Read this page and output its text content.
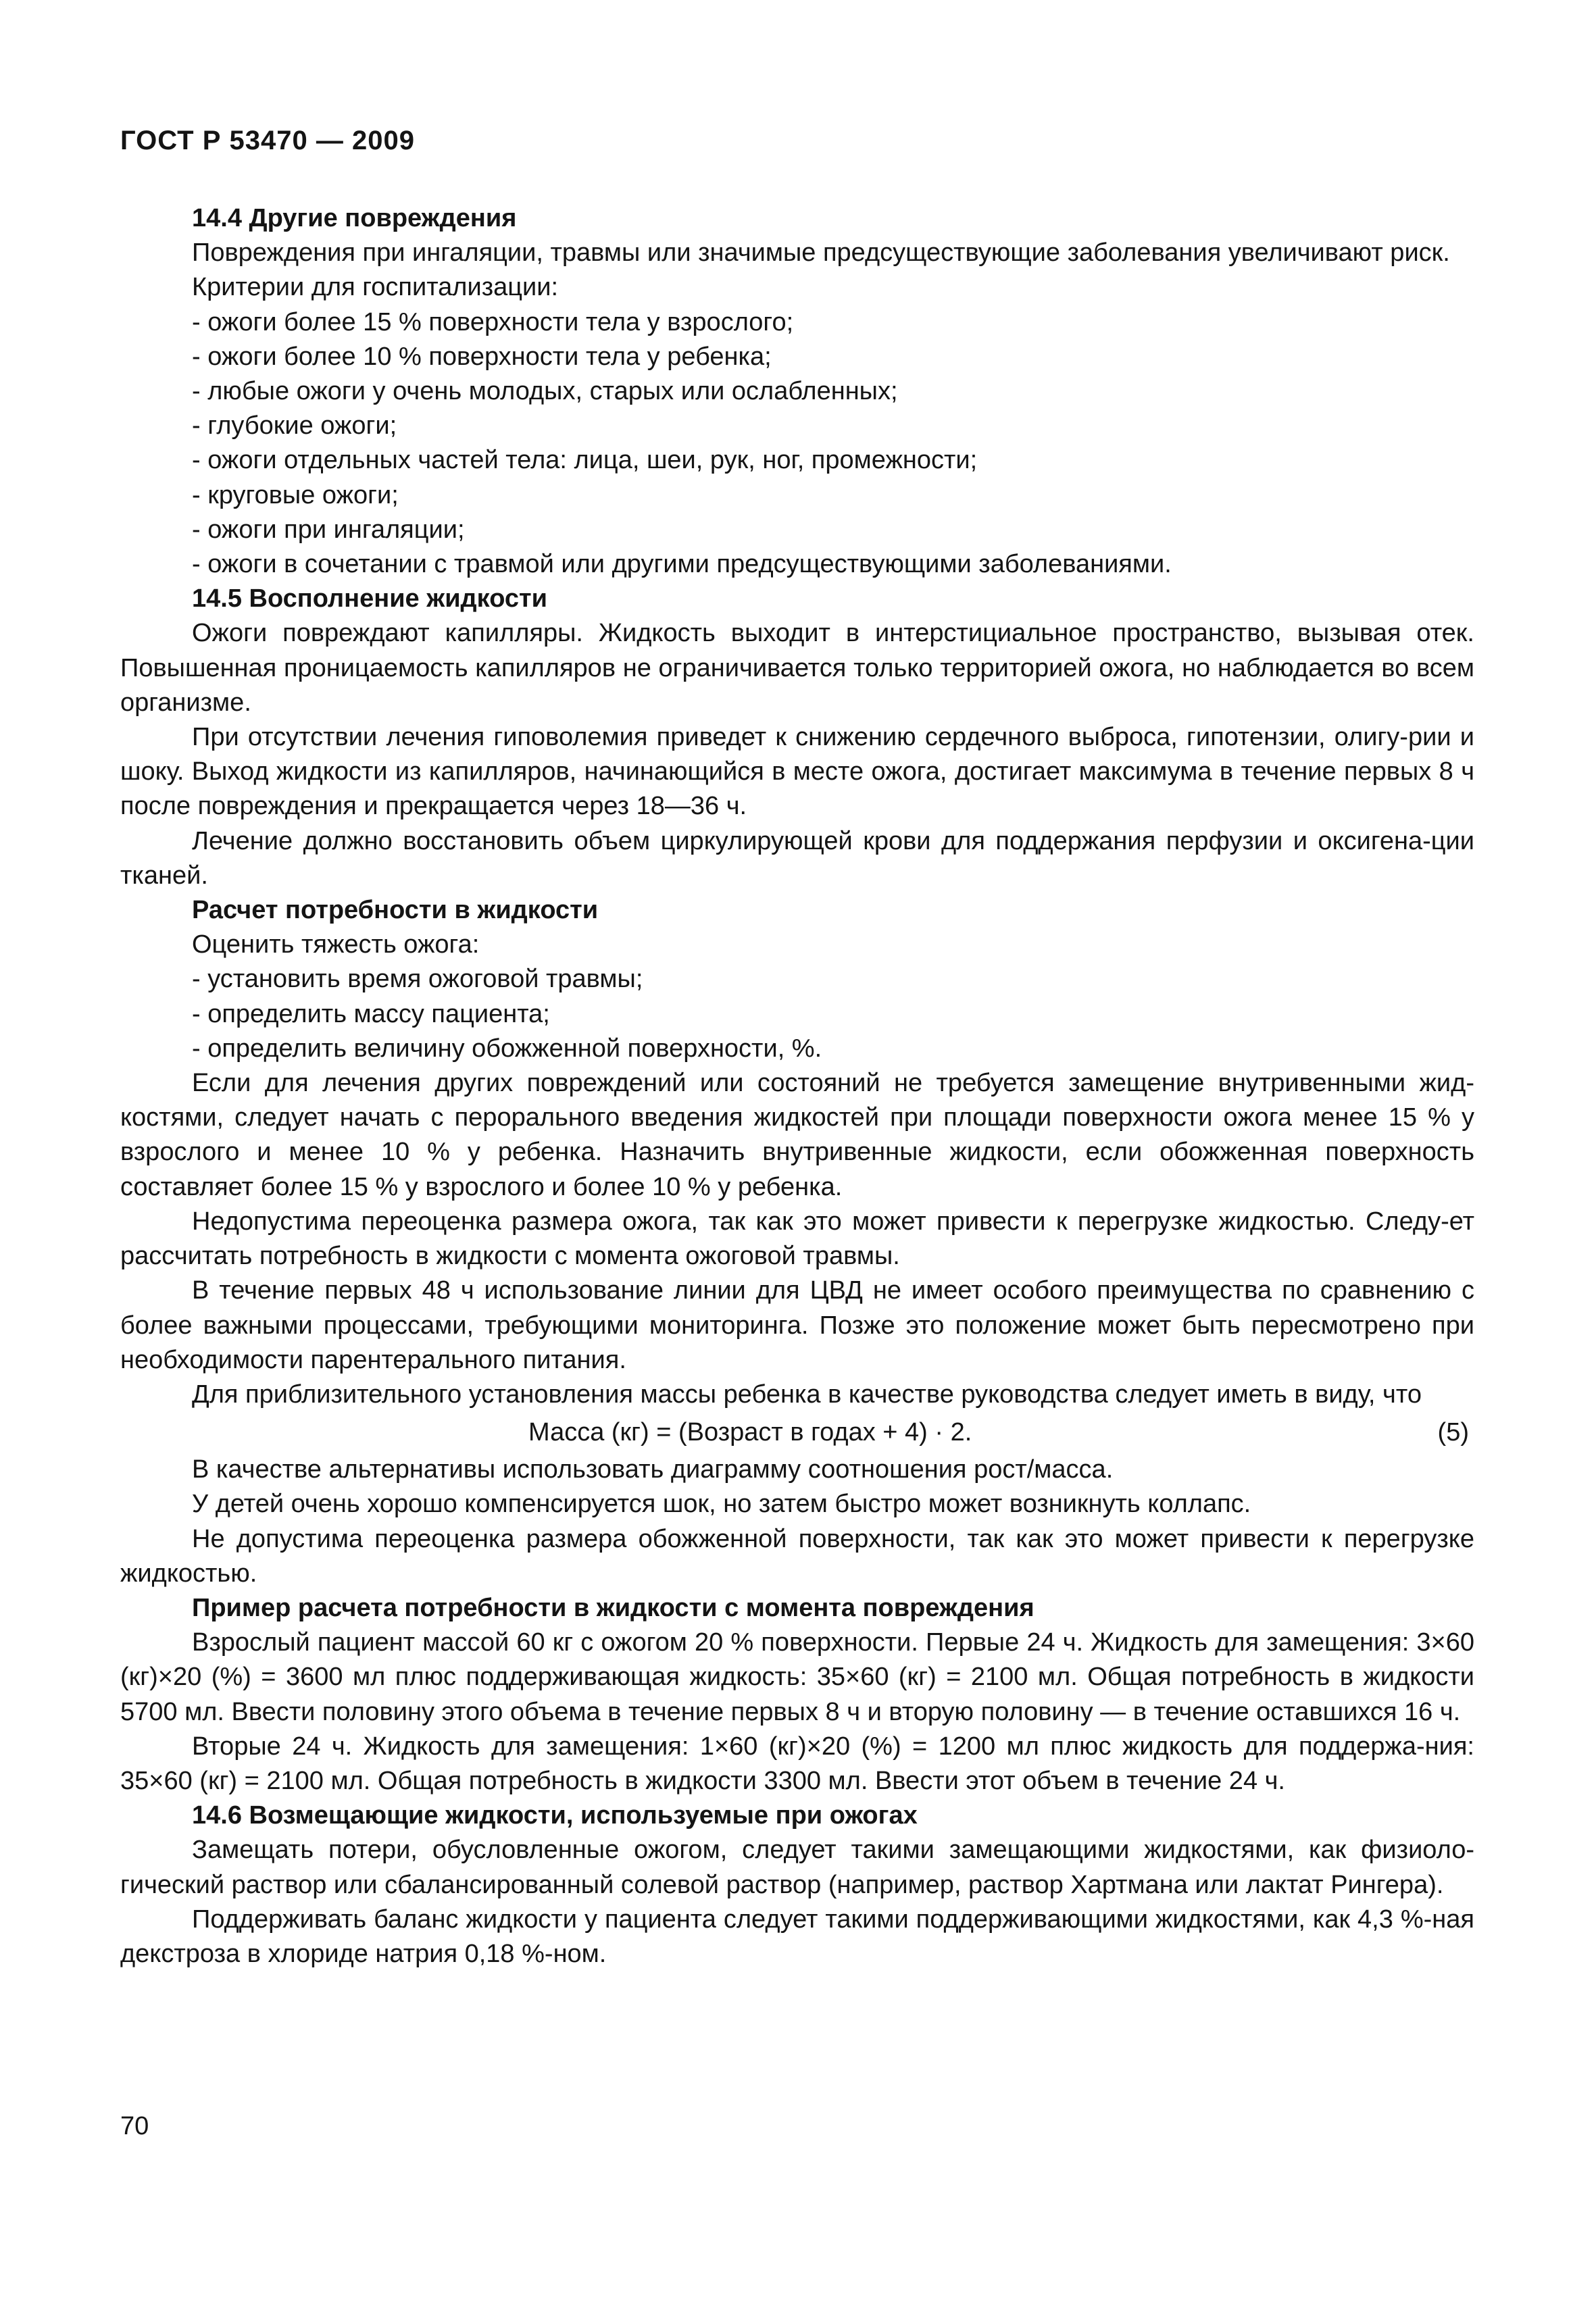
ГОСТ Р 53470 — 2009
14.4 Другие повреждения
Повреждения при ингаляции, травмы или значимые предсуществующие заболевания увеличивают риск.
Критерии для госпитализации:
- ожоги более 15 % поверхности тела у взрослого;
- ожоги более 10 % поверхности тела у ребенка;
- любые ожоги у очень молодых, старых или ослабленных;
- глубокие ожоги;
- ожоги отдельных частей тела: лица, шеи, рук, ног, промежности;
- круговые ожоги;
- ожоги при ингаляции;
- ожоги в сочетании с травмой или другими предсуществующими заболеваниями.
14.5 Восполнение жидкости
Ожоги повреждают капилляры. Жидкость выходит в интерстициальное пространство, вызывая отек. Повышенная проницаемость капилляров не ограничивается только территорией ожога, но наблюдается во всем организме.
При отсутствии лечения гиповолемия приведет к снижению сердечного выброса, гипотензии, олигу-рии и шоку. Выход жидкости из капилляров, начинающийся в месте ожога, достигает максимума в течение первых 8 ч после повреждения и прекращается через 18—36 ч.
Лечение должно восстановить объем циркулирующей крови для поддержания перфузии и оксигена-ции тканей.
Расчет потребности в жидкости
Оценить тяжесть ожога:
- установить время ожоговой травмы;
- определить массу пациента;
- определить величину обожженной поверхности, %.
Если для лечения других повреждений или состояний не требуется замещение внутривенными жид-костями, следует начать с перорального введения жидкостей при площади поверхности ожога менее 15 % у взрослого и менее 10 % у ребенка. Назначить внутривенные жидкости, если обожженная поверхность составляет более 15 % у взрослого и более 10 % у ребенка.
Недопустима переоценка размера ожога, так как это может привести к перегрузке жидкостью. Следу-ет рассчитать потребность в жидкости с момента ожоговой травмы.
В течение первых 48 ч использование линии для ЦВД не имеет особого преимущества по сравнению с более важными процессами, требующими мониторинга. Позже это положение может быть пересмотрено при необходимости парентерального питания.
Для приблизительного установления массы ребенка в качестве руководства следует иметь в виду, что
Масса (кг) = (Возраст в годах + 4) · 2.	(5)
В качестве альтернативы использовать диаграмму соотношения рост/масса.
У детей очень хорошо компенсируется шок, но затем быстро может возникнуть коллапс.
Не допустима переоценка размера обожженной поверхности, так как это может привести к перегрузке жидкостью.
Пример расчета потребности в жидкости с момента повреждения
Взрослый пациент массой 60 кг с ожогом 20 % поверхности. Первые 24 ч. Жидкость для замещения: 3×60 (кг)×20 (%) = 3600 мл плюс поддерживающая жидкость: 35×60 (кг) = 2100 мл. Общая потребность в жидкости 5700 мл. Ввести половину этого объема в течение первых 8 ч и вторую половину — в течение оставшихся 16 ч.
Вторые 24 ч. Жидкость для замещения: 1×60 (кг)×20 (%) = 1200 мл плюс жидкость для поддержа-ния: 35×60 (кг) = 2100 мл. Общая потребность в жидкости 3300 мл. Ввести этот объем в течение 24 ч.
14.6 Возмещающие жидкости, используемые при ожогах
Замещать потери, обусловленные ожогом, следует такими замещающими жидкостями, как физиоло-гический раствор или сбалансированный солевой раствор (например, раствор Хартмана или лактат Рингера).
Поддерживать баланс жидкости у пациента следует такими поддерживающими жидкостями, как 4,3 %-ная декстроза в хлориде натрия 0,18 %-ном.
70
